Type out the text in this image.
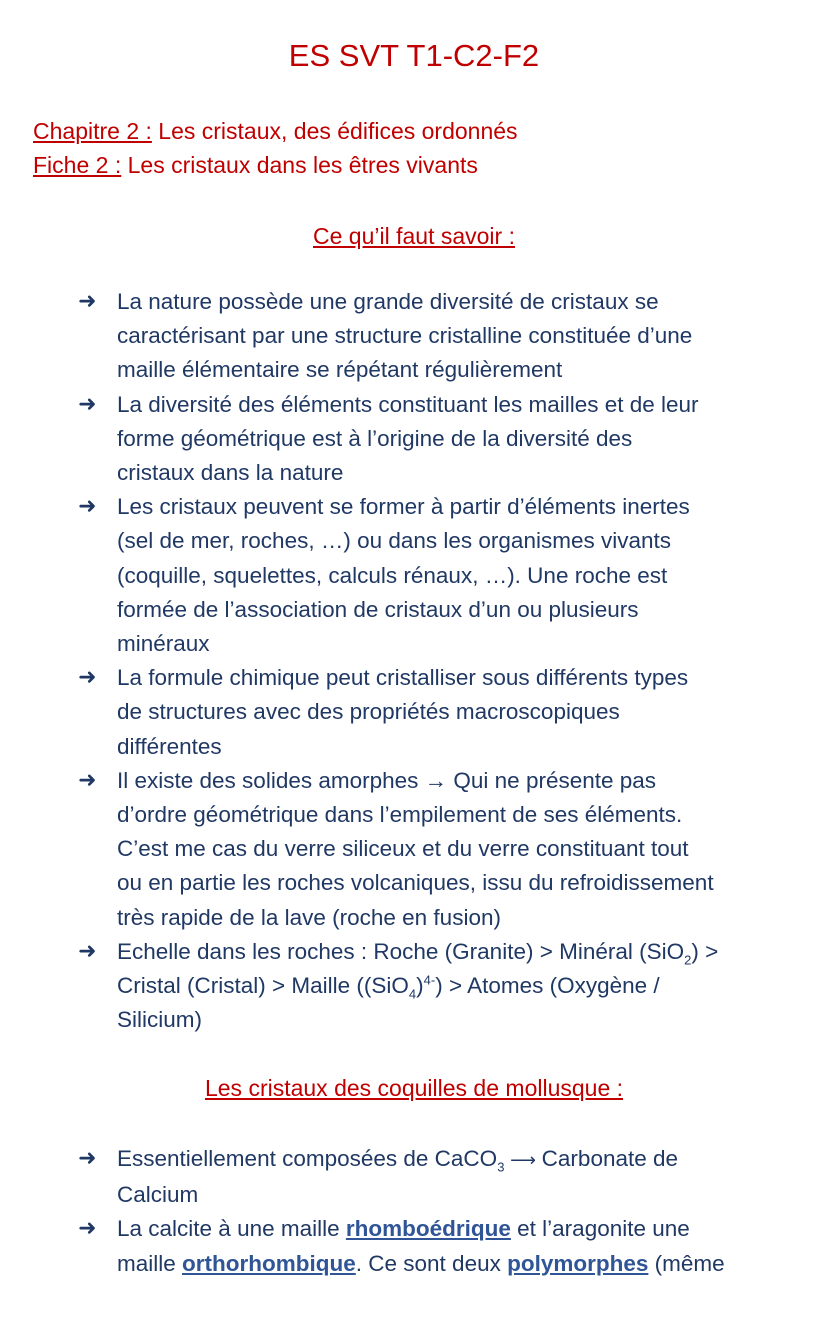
ES SVT T1-C2-F2
Chapitre 2 : Les cristaux, des édifices ordonnés
Fiche 2 : Les cristaux dans les êtres vivants
Ce qu’il faut savoir :
➜ La nature possède une grande diversité de cristaux se
caractérisant par une structure cristalline constituée d’une
maille élémentaire se répétant régulièrement
➜ La diversité des éléments constituant les mailles et de leur
forme géométrique est à l’origine de la diversité des
cristaux dans la nature
➜ Les cristaux peuvent se former à partir d’éléments inertes
(sel de mer, roches, …) ou dans les organismes vivants
(coquille, squelettes, calculs rénaux, …). Une roche est
formée de l’association de cristaux d’un ou plusieurs
minéraux
➜ La formule chimique peut cristalliser sous différents types
de structures avec des propriétés macroscopiques
différentes
➜ Il existe des solides amorphes → Qui ne présente pas
d’ordre géométrique dans l’empilement de ses éléments.
C’est me cas du verre siliceux et du verre constituant tout
ou en partie les roches volcaniques, issu du refroidissement
très rapide de la lave (roche en fusion)
➜ Echelle dans les roches : Roche (Granite) > Minéral (SiO$_2$) >
Cristal (Cristal) > Maille $((SiO_4)^{4-})$ > Atomes (Oxygène /
Silicium)
Les cristaux des coquilles de mollusque :
➜ Essentiellement composées de CaCO$_3$ ⟶ Carbonate de
Calcium
➜ La calcite à une maille rhomboédrique et l’aragonite une
maille orthorhombique. Ce sont deux polymorphes (même
